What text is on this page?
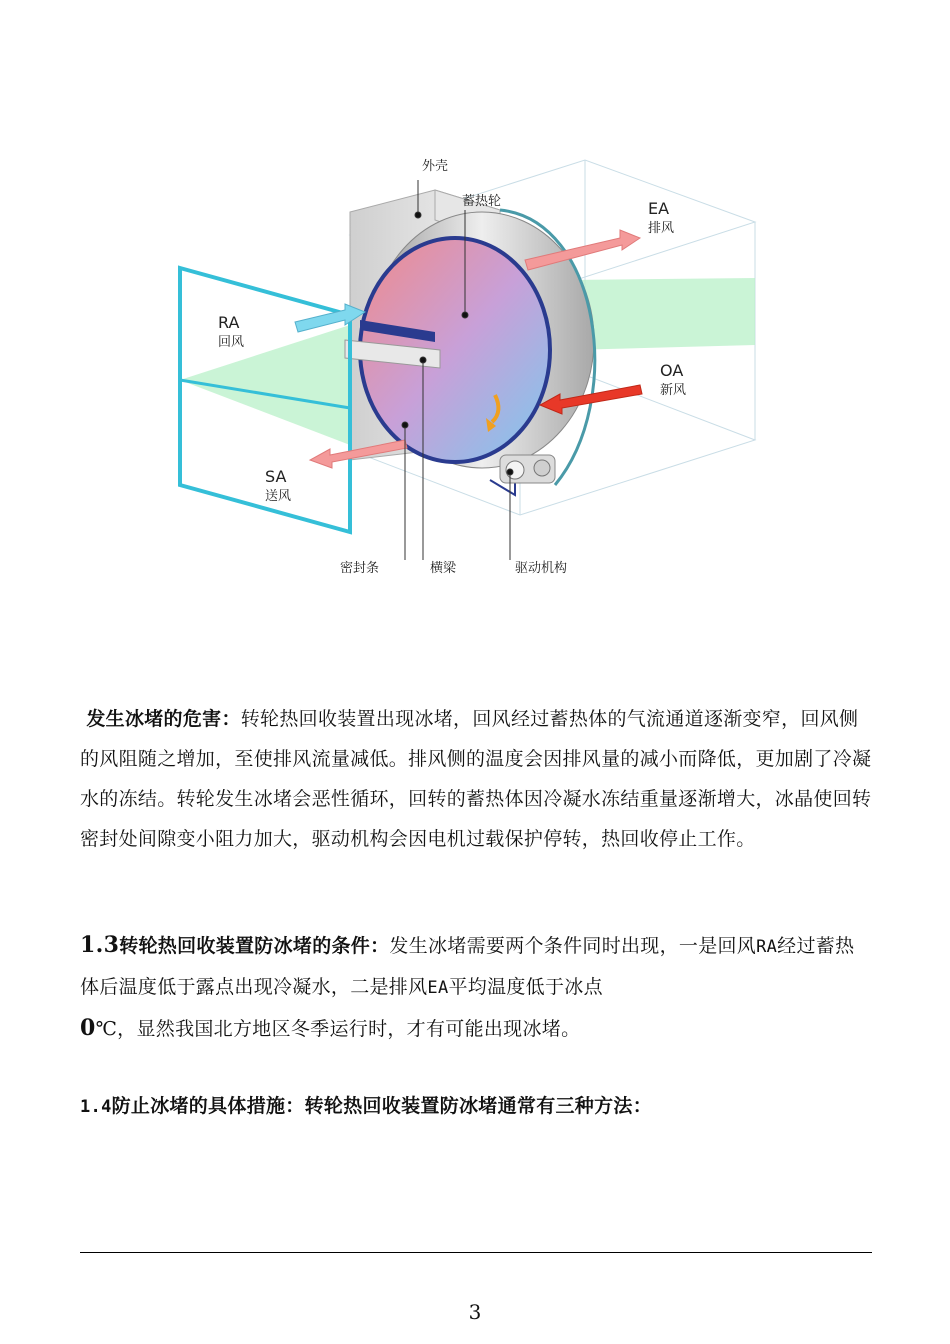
外壳
蓄热轮	EA
排风
RA
回风
OA
新风
SA
送风
密封条	横梁	驱动机构
发生冰堵的危害：转轮热回收装置出现冰堵，回风经过蓄热体的气流通道逐渐变窄，回风侧的风阻随之增加，至使排风流量减低。排风侧的温度会因排风量的减小而降低，更加剧了冷凝水的冻结。转轮发生冰堵会恶性循环，回转的蓄热体因冷凝水冻结重量逐渐增大，冰晶使回转密封处间隙变小阻力加大，驱动机构会因电机过载保护停转，热回收停止工作。
1.3转轮热回收装置防冰堵的条件：发生冰堵需要两个条件同时出现，一是回风RA经过蓄热体后温度低于露点出现冷凝水，二是排风EA平均温度低于冰点
0℃，显然我国北方地区冬季运行时，才有可能出现冰堵。
1.4防止冰堵的具体措施：转轮热回收装置防冰堵通常有三种方法：
3
